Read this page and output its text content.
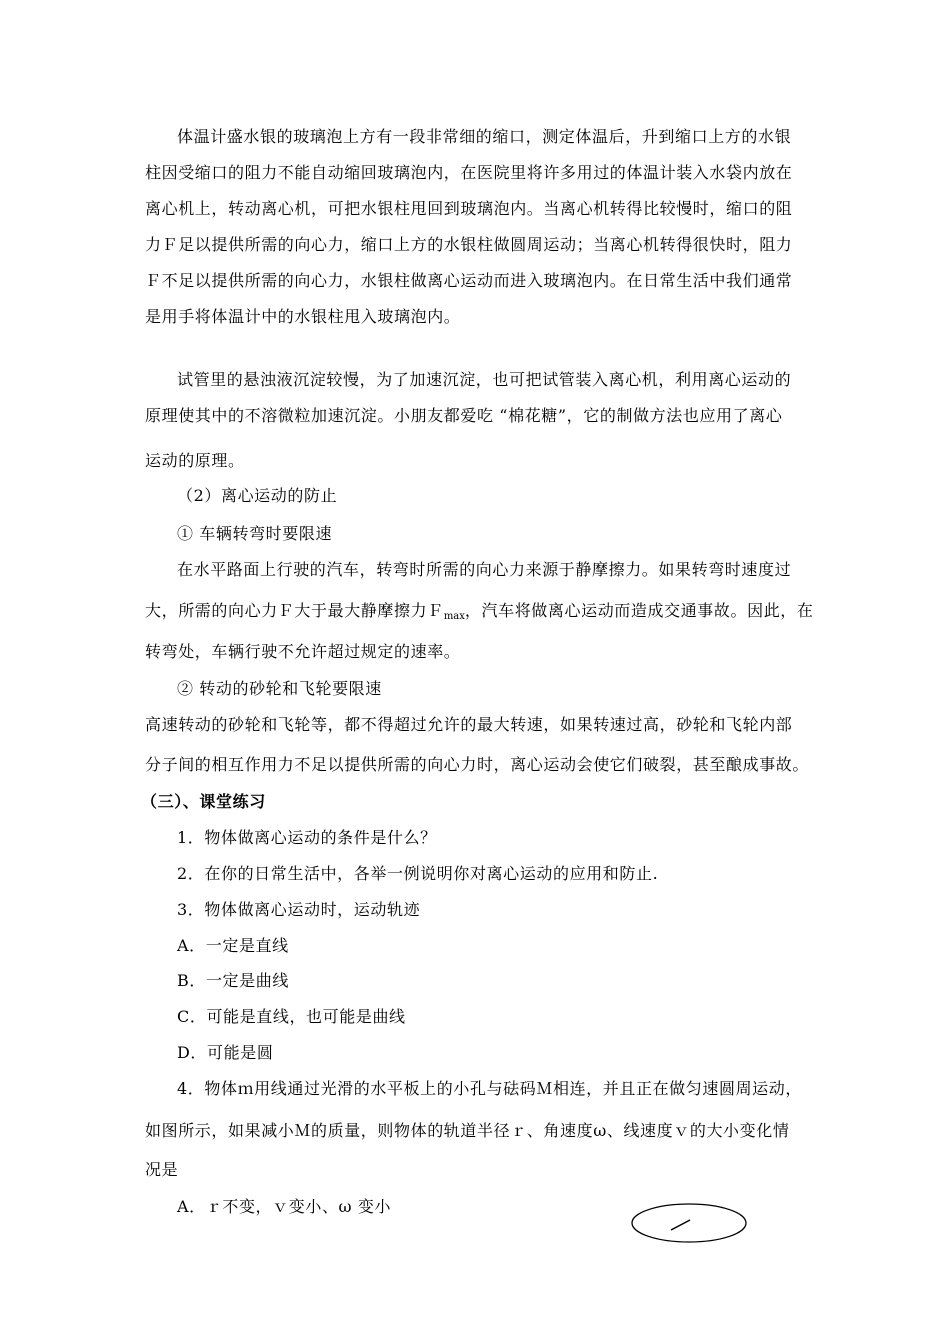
体温计盛水银的玻璃泡上方有一段非常细的缩口，测定体温后，升到缩口上方的水银
柱因受缩口的阻力不能自动缩回玻璃泡内，在医院里将许多用过的体温计装入水袋内放在
离心机上，转动离心机，可把水银柱甩回到玻璃泡内。当离心机转得比较慢时，缩口的阻
力Ｆ足以提供所需的向心力，缩口上方的水银柱做圆周运动；当离心机转得很快时，阻力
Ｆ不足以提供所需的向心力，水银柱做离心运动而进入玻璃泡内。在日常生活中我们通常
是用手将体温计中的水银柱甩入玻璃泡内。
试管里的悬浊液沉淀较慢，为了加速沉淀，也可把试管装入离心机，利用离心运动的
原理使其中的不溶微粒加速沉淀。小朋友都爱吃 “棉花糖”，它的制做方法也应用了离心
运动的原理。
（2）离心运动的防止
① 车辆转弯时要限速
在水平路面上行驶的汽车，转弯时所需的向心力来源于静摩擦力。如果转弯时速度过
大，所需的向心力Ｆ大于最大静摩擦力Ｆmax，汽车将做离心运动而造成交通事故。因此，在
转弯处，车辆行驶不允许超过规定的速率。
② 转动的砂轮和飞轮要限速
高速转动的砂轮和飞轮等，都不得超过允许的最大转速，如果转速过高，砂轮和飞轮内部
分子间的相互作用力不足以提供所需的向心力时，离心运动会使它们破裂，甚至酿成事故。
（三）、课堂练习
1．物体做离心运动的条件是什么？
2．在你的日常生活中，各举一例说明你对离心运动的应用和防止.
3．物体做离心运动时，运动轨迹
A．一定是直线
B．一定是曲线
C．可能是直线，也可能是曲线
D．可能是圆
4．物体ｍ用线通过光滑的水平板上的小孔与砝码Ｍ相连，并且正在做匀速圆周运动，
如图所示，如果减小Ｍ的质量，则物体的轨道半径ｒ、角速度ω、线速度ｖ的大小变化情
况是
A．ｒ不变，ｖ变小、ω 变小
